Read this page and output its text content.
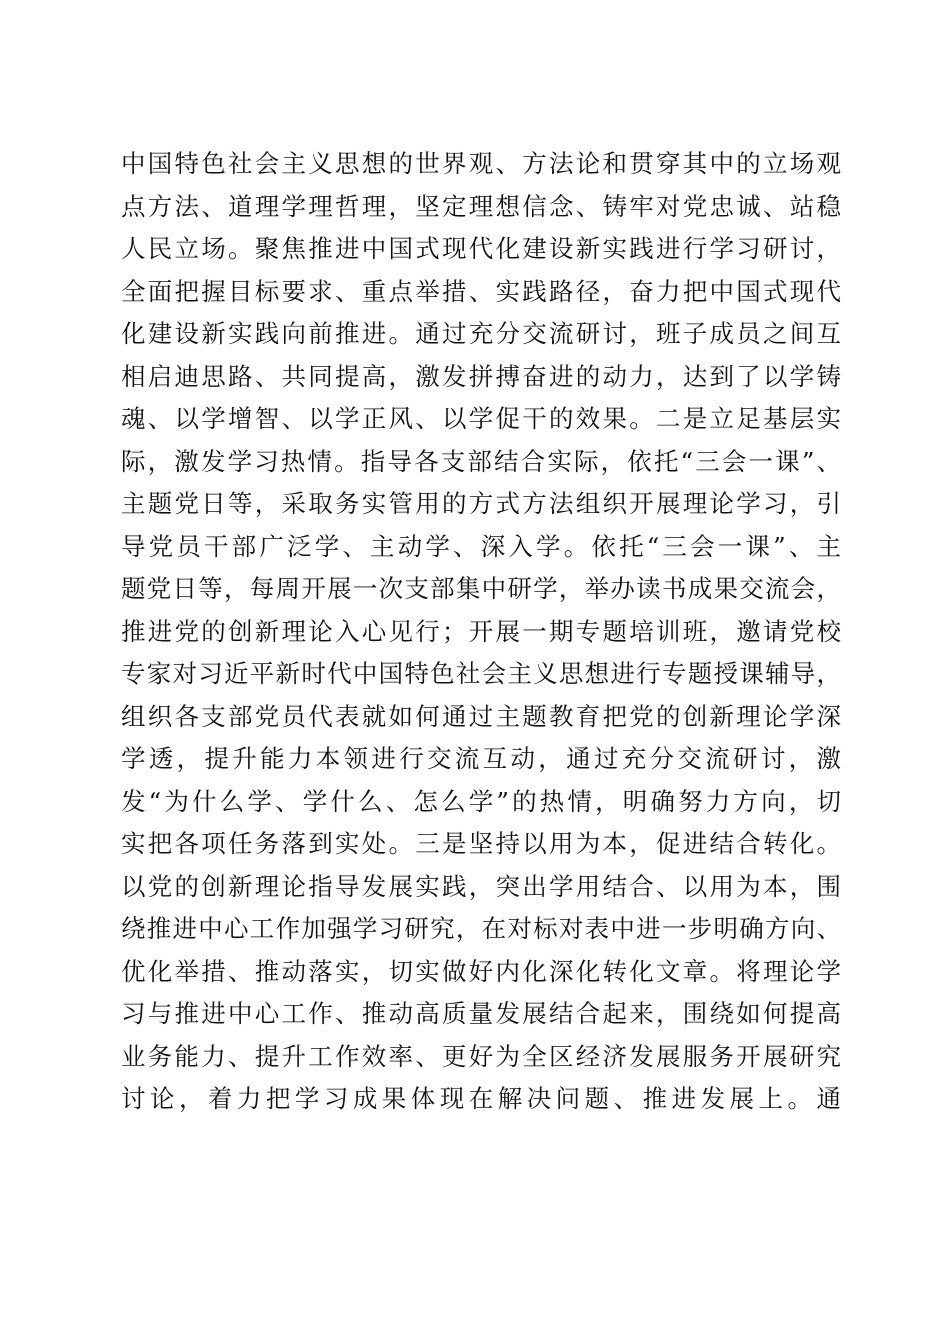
中国特色社会主义思想的世界观、方法论和贯穿其中的立场观
点方法、道理学理哲理，坚定理想信念、铸牢对党忠诚、站稳
人民立场。聚焦推进中国式现代化建设新实践进行学习研讨，
全面把握目标要求、重点举措、实践路径，奋力把中国式现代
化建设新实践向前推进。通过充分交流研讨，班子成员之间互
相启迪思路、共同提高，激发拼搏奋进的动力，达到了以学铸
魂、以学增智、以学正风、以学促干的效果。二是立足基层实
际，激发学习热情。指导各支部结合实际，依托“三会一课”、
主题党日等，采取务实管用的方式方法组织开展理论学习，引
导党员干部广泛学、主动学、深入学。依托“三会一课”、主
题党日等，每周开展一次支部集中研学，举办读书成果交流会，
推进党的创新理论入心见行；开展一期专题培训班，邀请党校
专家对习近平新时代中国特色社会主义思想进行专题授课辅导，
组织各支部党员代表就如何通过主题教育把党的创新理论学深
学透，提升能力本领进行交流互动，通过充分交流研讨，激
发“为什么学、学什么、怎么学”的热情，明确努力方向，切
实把各项任务落到实处。三是坚持以用为本，促进结合转化。
以党的创新理论指导发展实践，突出学用结合、以用为本，围
绕推进中心工作加强学习研究，在对标对表中进一步明确方向、
优化举措、推动落实，切实做好内化深化转化文章。将理论学
习与推进中心工作、推动高质量发展结合起来，围绕如何提高
业务能力、提升工作效率、更好为全区经济发展服务开展研究
讨论，着力把学习成果体现在解决问题、推进发展上。通
